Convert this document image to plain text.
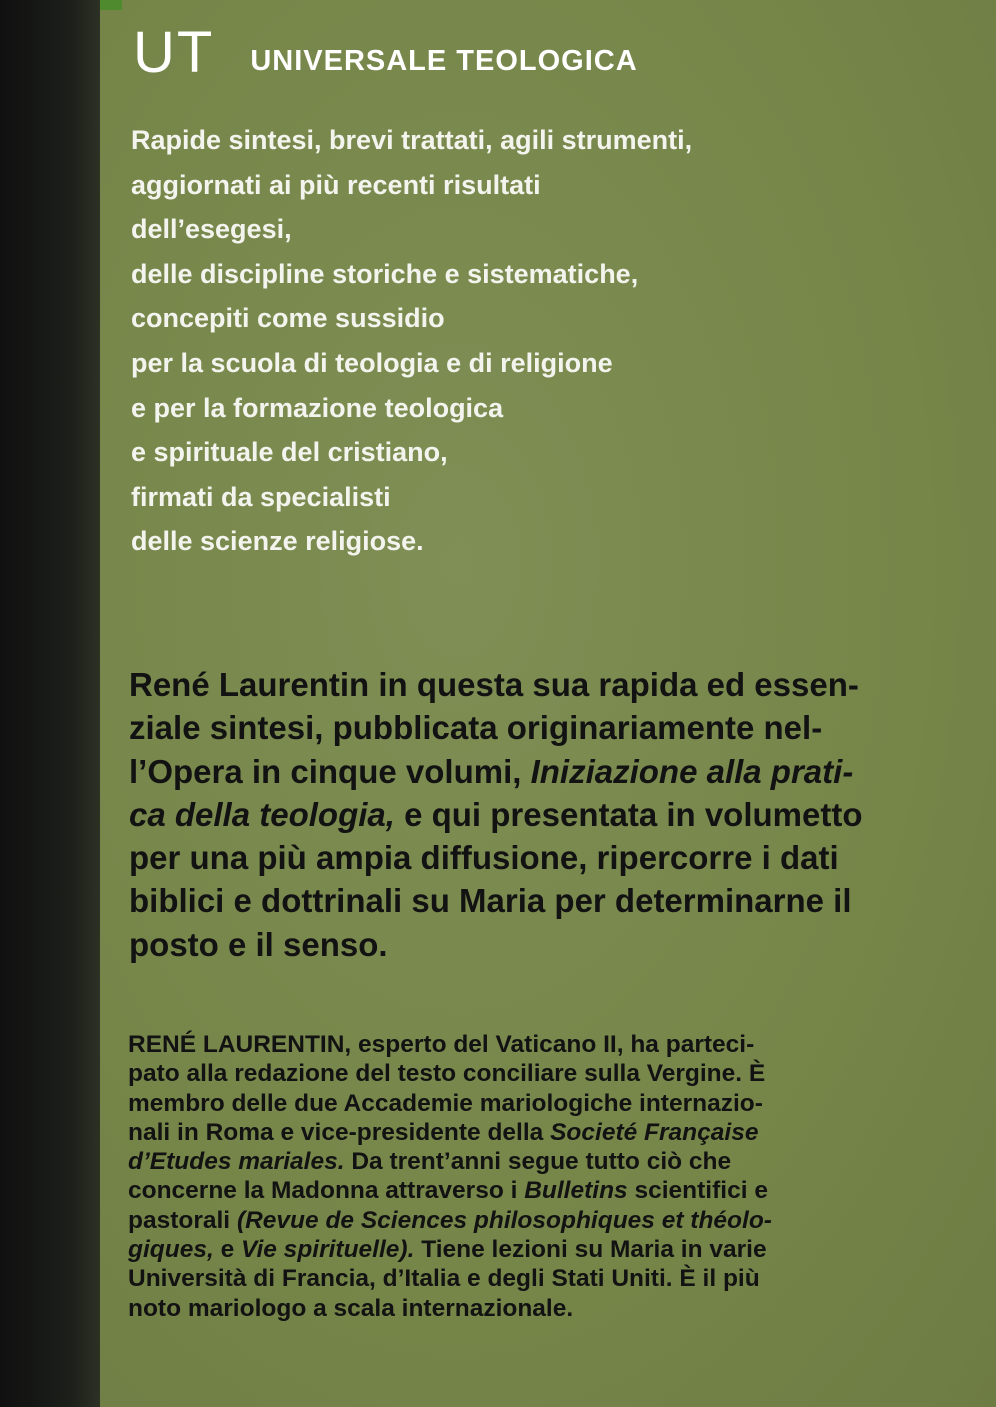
UT UNIVERSALE TEOLOGICA
Rapide sintesi, brevi trattati, agili strumenti,
aggiornati ai più recenti risultati
dell’esegesi,
delle discipline storiche e sistematiche,
concepiti come sussidio
per la scuola di teologia e di religione
e per la formazione teologica
e spirituale del cristiano,
firmati da specialisti
delle scienze religiose.

René Laurentin in questa sua rapida ed essen-

ziale sintesi, pubblicata originariamente nel-

l’Opera in cinque volumi, Iniziazione alla prati-

ca della teologia, e qui presentata in volumetto

per una più ampia diffusione, ripercorre i dati

biblici e dottrinali su Maria per determinarne il

posto e il senso.

RENÉ LAURENTIN, esperto del Vaticano II, ha parteci-

pato alla redazione del testo conciliare sulla Vergine. È

membro delle due Accademie mariologiche internazio-

nali in Roma e vice-presidente della Societé Française

d’Etudes mariales. Da trent’anni segue tutto ciò che

concerne la Madonna attraverso i Bulletins scientifici e

pastorali (Revue de Sciences philosophiques et théolo-

giques, e Vie spirituelle). Tiene lezioni su Maria in varie

Università di Francia, d’Italia e degli Stati Uniti. È il più

noto mariologo a scala internazionale.
